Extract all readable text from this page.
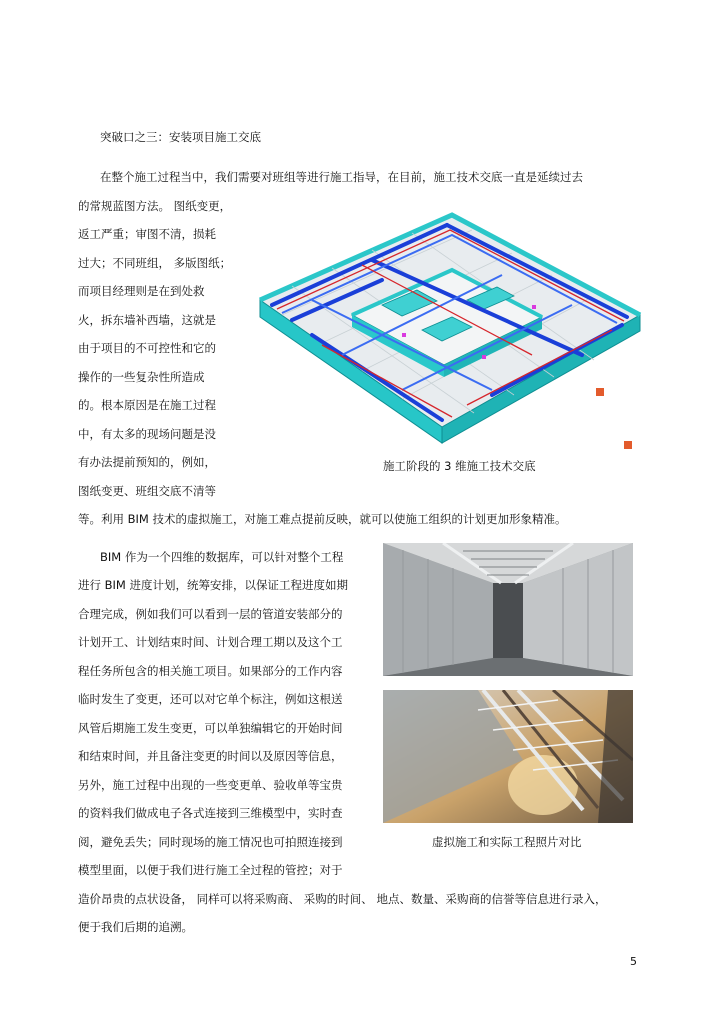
突破口之三：安装项目施工交底
在整个施工过程当中，我们需要对班组等进行施工指导，在目前，施工技术交底一直是延续过去
的常规蓝图方法。 图纸变更，
返工严重；审图不清，损耗
过大；不同班组， 多版图纸；
而项目经理则是在到处救
火，拆东墙补西墙，这就是
由于项目的不可控性和它的
操作的一些复杂性所造成
的。根本原因是在施工过程
中，有太多的现场问题是没
有办法提前预知的，例如，
图纸变更、班组交底不清等
等。利用 BIM 技术的虚拟施工，对施工难点提前反映，就可以使施工组织的计划更加形象精准。
施工阶段的 3 维施工技术交底
BIM 作为一个四维的数据库，可以针对整个工程
进行 BIM 进度计划，统筹安排，以保证工程进度如期
合理完成，例如我们可以看到一层的管道安装部分的
计划开工、计划结束时间、计划合理工期以及这个工
程任务所包含的相关施工项目。如果部分的工作内容
临时发生了变更，还可以对它单个标注，例如这根送
风管后期施工发生变更，可以单独编辑它的开始时间
和结束时间，并且备注变更的时间以及原因等信息，
另外，施工过程中出现的一些变更单、验收单等宝贵
的资料我们做成电子各式连接到三维模型中，实时查
阅，避免丢失；同时现场的施工情况也可拍照连接到
模型里面，以便于我们进行施工全过程的管控；对于
造价昂贵的点状设备， 同样可以将采购商、 采购的时间、 地点、数量、采购商的信誉等信息进行录入，
便于我们后期的追溯。
虚拟施工和实际工程照片对比
5
